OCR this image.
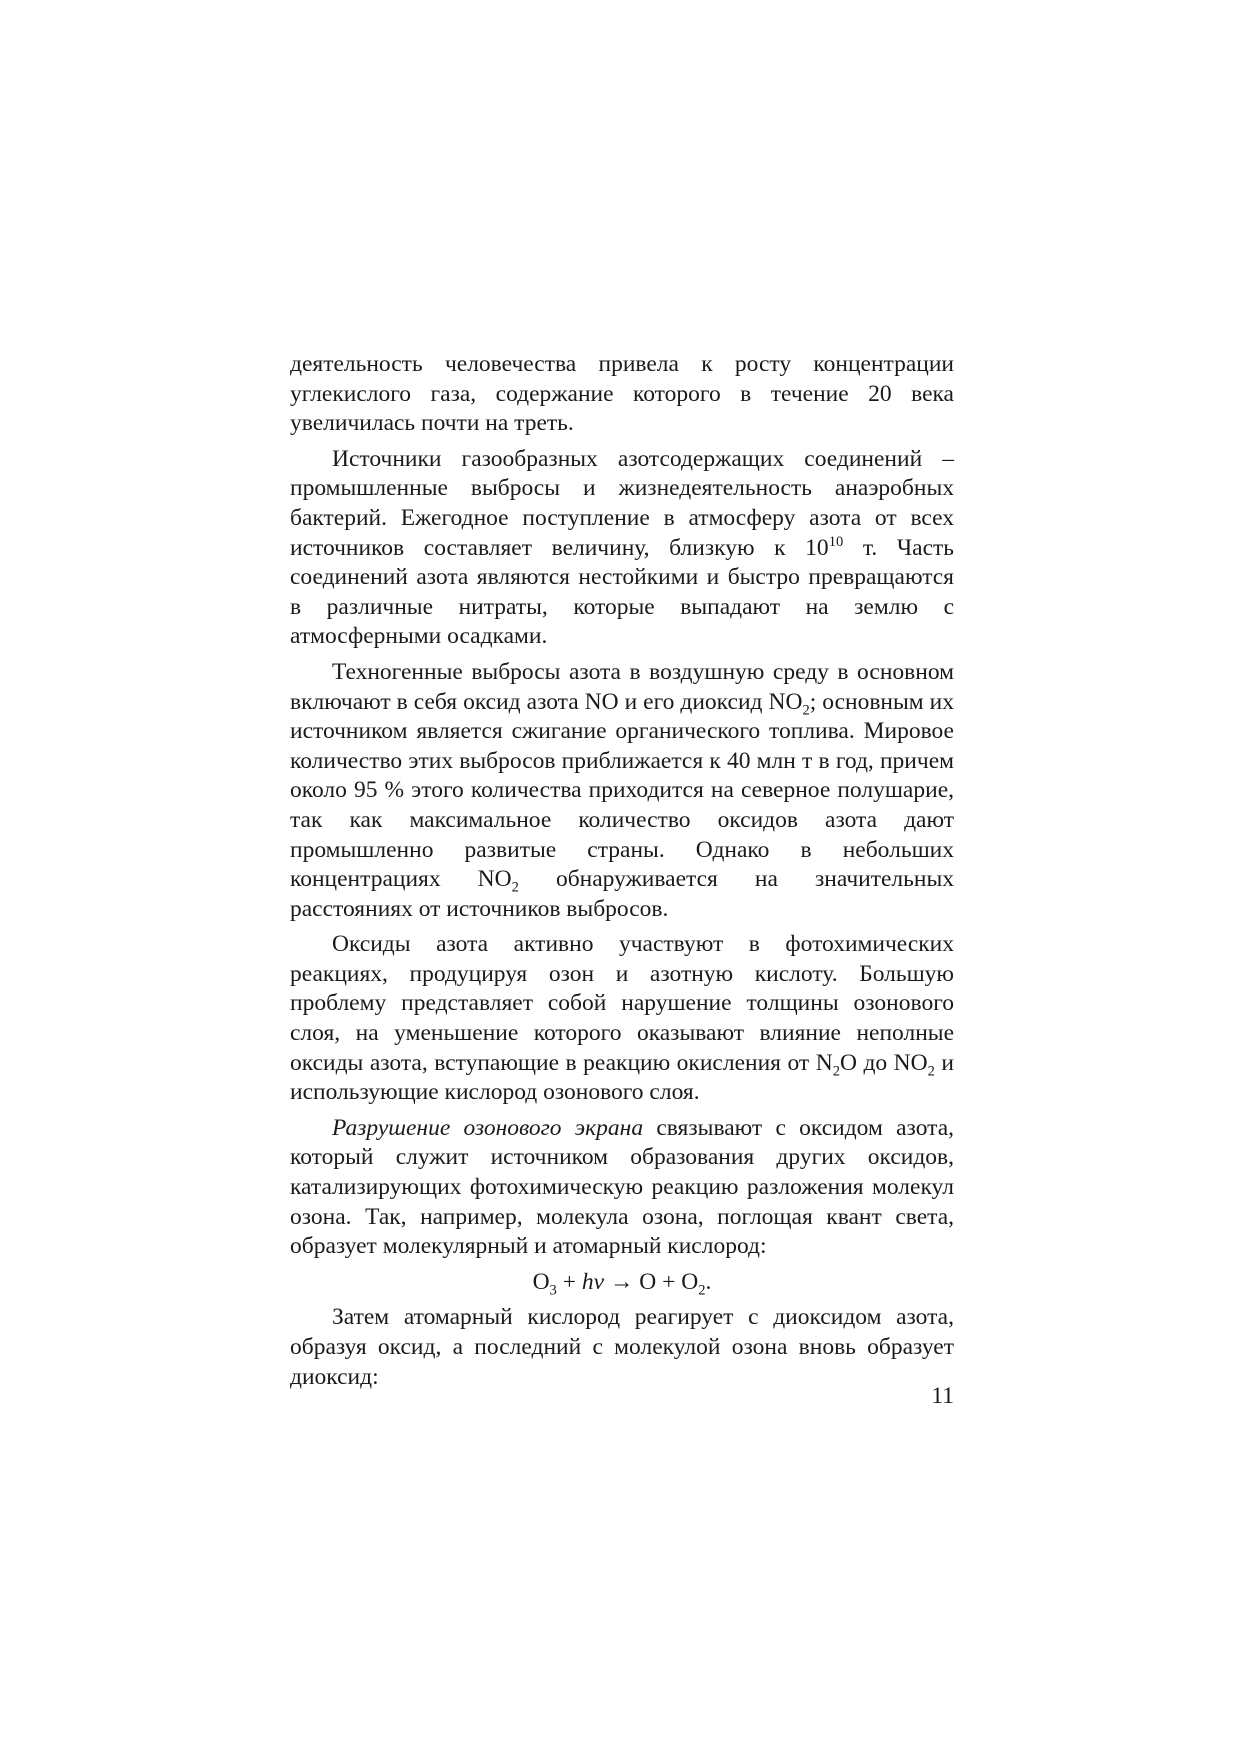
деятельность человечества привела к росту концентрации углекислого газа, содержание которого в течение 20 века увеличилась почти на треть.

Источники газообразных азотсодержащих соединений – промышленные выбросы и жизнедеятельность анаэробных бактерий. Ежегодное поступление в атмосферу азота от всех источников составляет величину, близкую к $10^{10}$ т. Часть соединений азота являются нестойкими и быстро превращаются в различные нитраты, которые выпадают на землю с атмосферными осадками.

Техногенные выбросы азота в воздушную среду в основном включают в себя оксид азота NO и его диоксид $NO_2$; основным их источником является сжигание органического топлива. Мировое количество этих выбросов приближается к 40 млн т в год, причем около 95 % этого количества приходится на северное полушарие, так как максимальное количество оксидов азота дают промышленно развитые страны. Однако в небольших концентрациях $NO_2$ обнаруживается на значительных расстояниях от источников выбросов.

Оксиды азота активно участвуют в фотохимических реакциях, продуцируя озон и азотную кислоту. Большую проблему представляет собой нарушение толщины озонового слоя, на уменьшение которого оказывают влияние неполные оксиды азота, вступающие в реакцию окисления от $N_2O$ до $NO_2$ и использующие кислород озонового слоя.

Разрушение озонового экрана связывают с оксидом азота, который служит источником образования других оксидов, катализирующих фотохимическую реакцию разложения молекул озона. Так, например, молекула озона, поглощая квант света, образует молекулярный и атомарный кислород:

$O_3$ + hv → $O + O_2$.

Затем атомарный кислород реагирует с диоксидом азота, образуя оксид, а последний с молекулой озона вновь образует диоксид:

11
